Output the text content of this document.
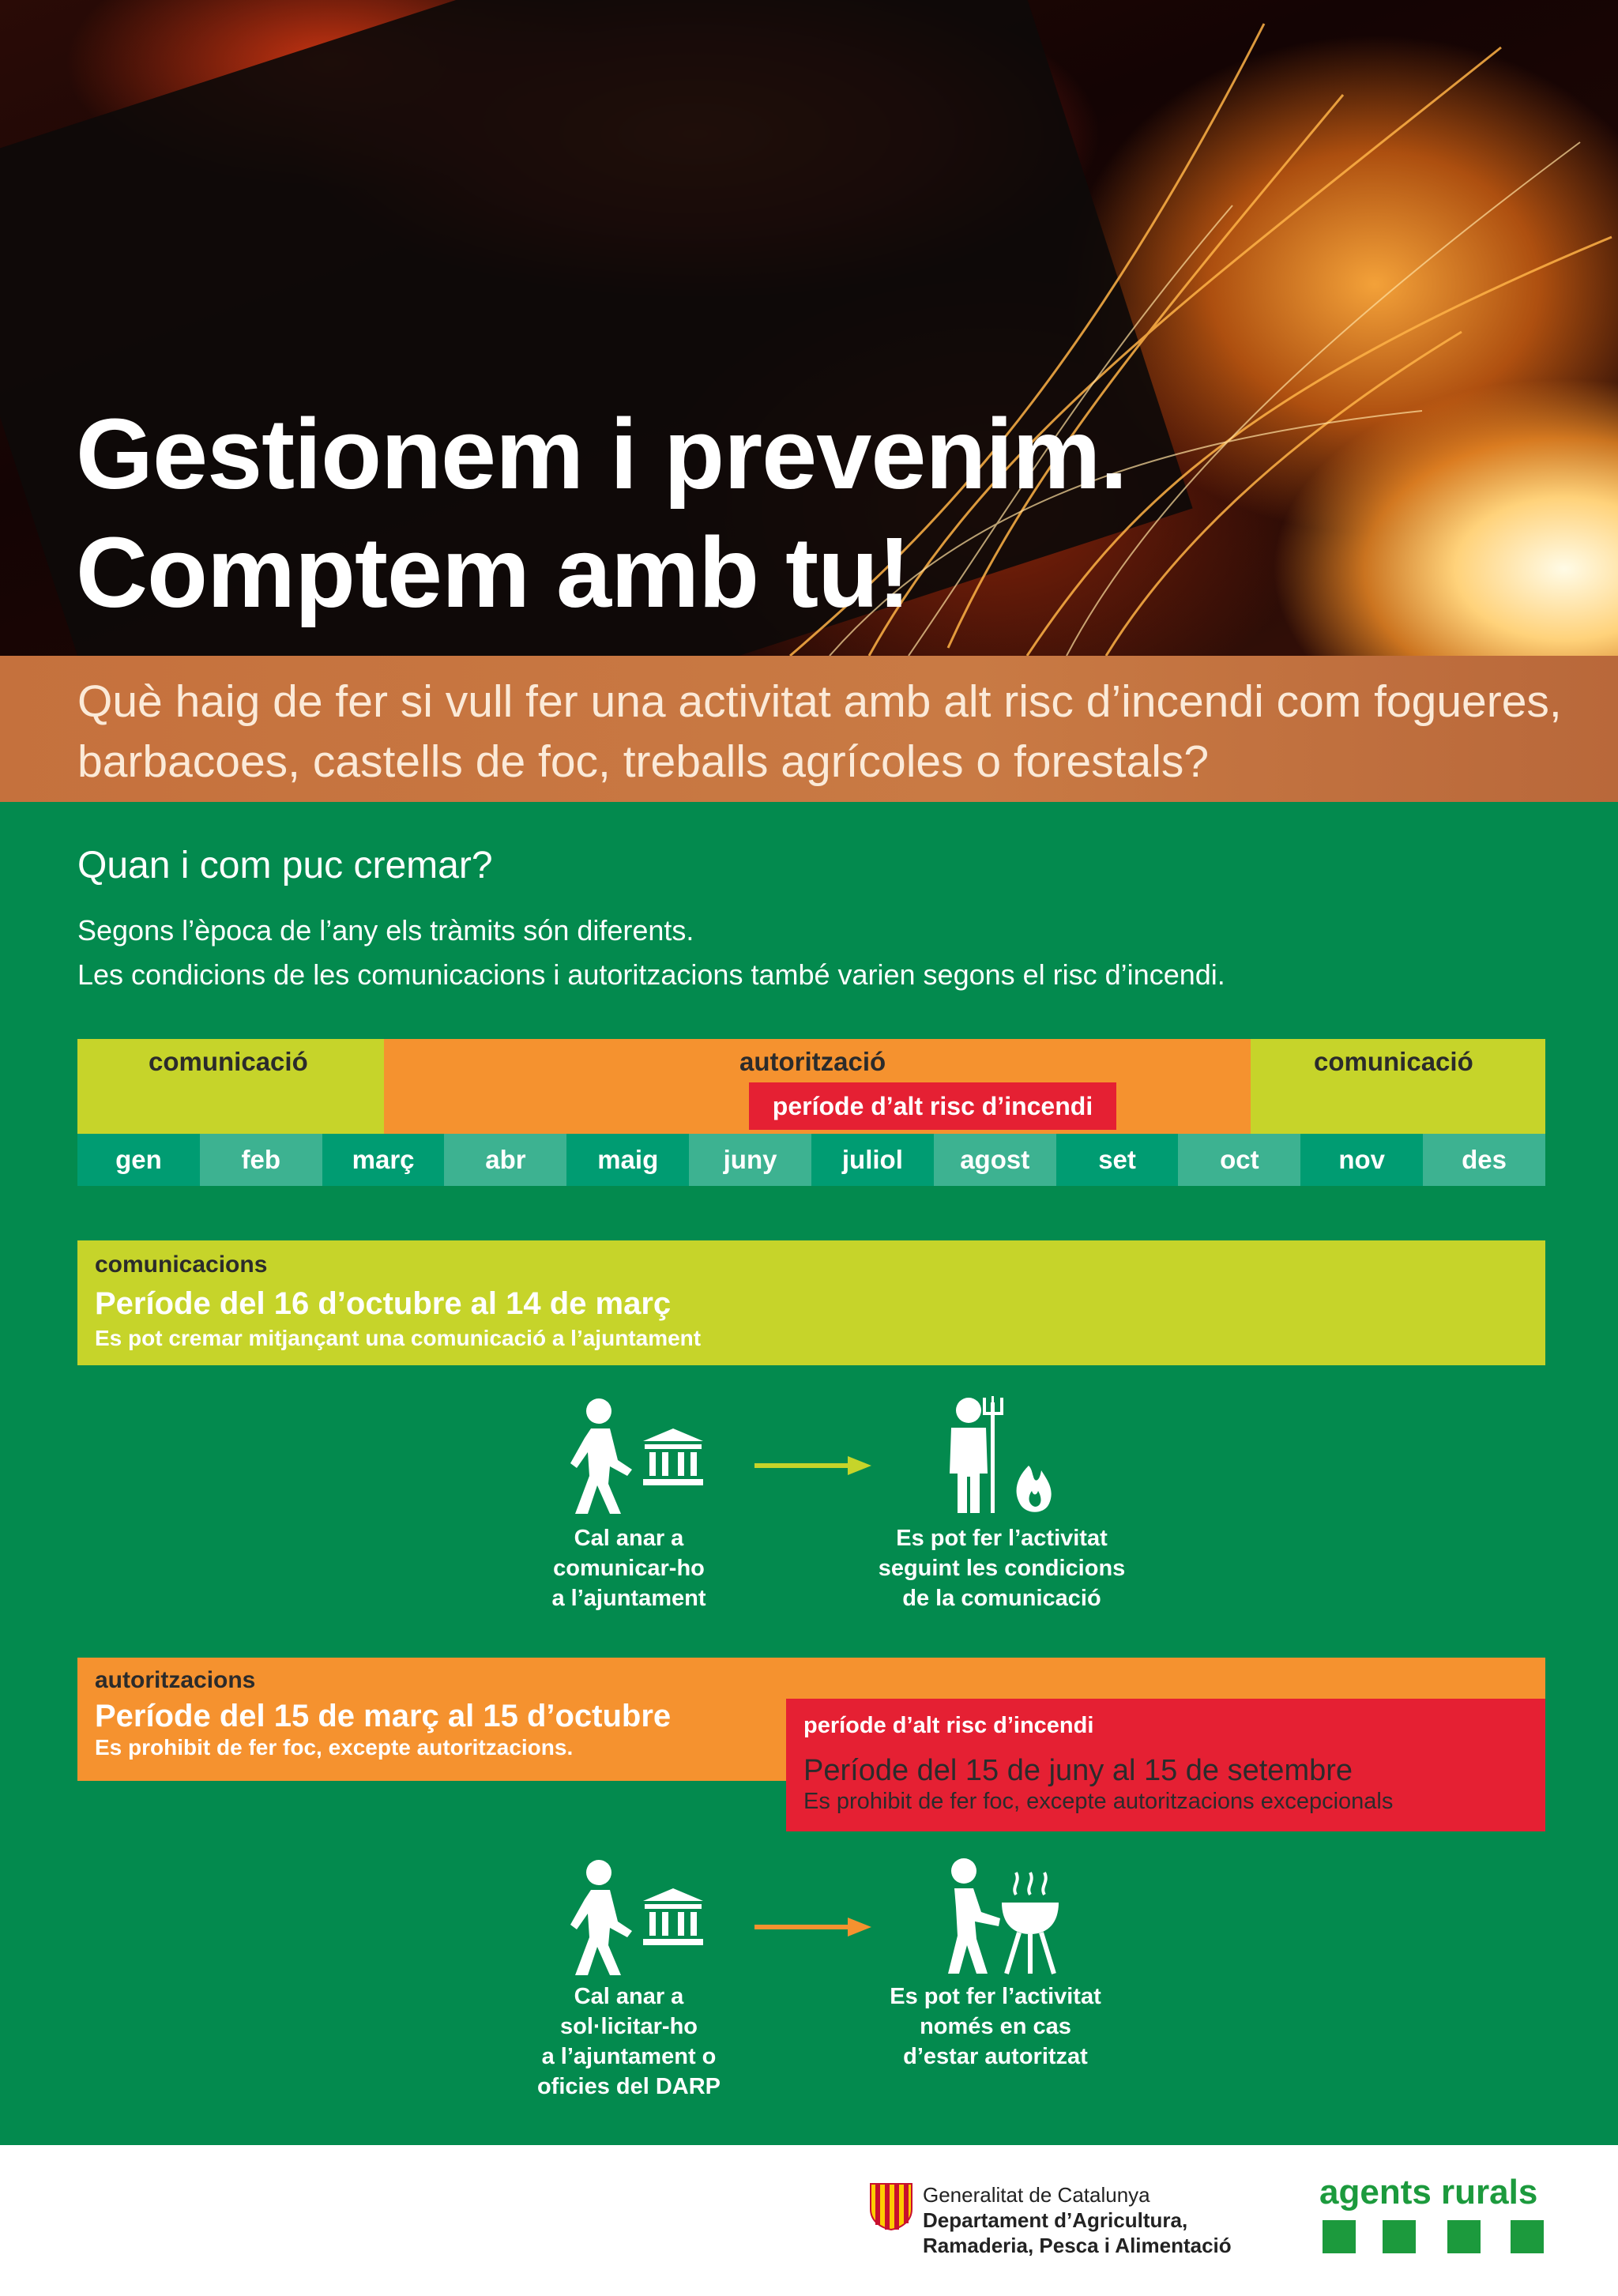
Gestionem i prevenim.
Comptem amb tu!

Què haig de fer si vull fer una activitat amb alt risc d’incendi com fogueres, barbacoes, castells de foc, treballs agrícoles o forestals?

Quan i com puc cremar?
Segons l’època de l’any els tràmits són diferents.
Les condicions de les comunicacions i autoritzacions també varien segons el risc d’incendi.
comunicació	autorització	comunicació
període d’alt risc d’incendi
gen	feb	març	abr	maig	juny	juliol	agost	set	oct	nov	des
comunicacions
Període del 16 d’octubre al 14 de març
Es pot cremar mitjançant una comunicació a l’ajuntament
Cal anar a
comunicar-ho
a l’ajuntament
Es pot fer l’activitat
seguint les condicions
de la comunicació
autoritzacions
Període del 15 de març al 15 d’octubre
Es prohibit de fer foc, excepte autoritzacions.
període d’alt risc d’incendi
Període del 15 de juny al 15 de setembre
Es prohibit de fer foc, excepte autoritzacions excepcionals
Cal anar a
sol·licitar-ho
a l’ajuntament o
oficies del DARP
Es pot fer l’activitat
només en cas
d’estar autoritzat
Generalitat de Catalunya
Departament d’Agricultura,
Ramaderia, Pesca i Alimentació
agents rurals
